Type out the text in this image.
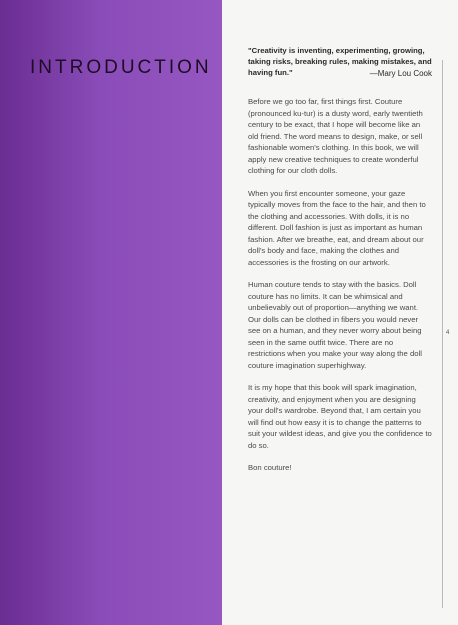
INTRODUCTION
4

"Creativity is inventing, experimenting, growing, taking risks, breaking rules, making mistakes, and having fun."	—Mary Lou Cook

Before we go too far, first things first. Couture (pronounced ku-tur) is a dusty word, early twentieth century to be exact, that I hope will become like an old friend. The word means to design, make, or sell fashionable women's clothing. In this book, we will apply new creative techniques to create wonderful clothing for our cloth dolls.

When you first encounter someone, your gaze typically moves from the face to the hair, and then to the clothing and accessories. With dolls, it is no different. Doll fashion is just as important as human fashion. After we breathe, eat, and dream about our doll's body and face, making the clothes and accessories is the frosting on our artwork.

Human couture tends to stay with the basics. Doll couture has no limits. It can be whimsical and unbelievably out of proportion—anything we want. Our dolls can be clothed in fibers you would never see on a human, and they never worry about being seen in the same outfit twice. There are no restrictions when you make your way along the doll couture imagination superhighway.

It is my hope that this book will spark imagination, creativity, and enjoyment when you are designing your doll's wardrobe. Beyond that, I am certain you will find out how easy it is to change the patterns to suit your wildest ideas, and give you the confidence to do so.

Bon couture!
